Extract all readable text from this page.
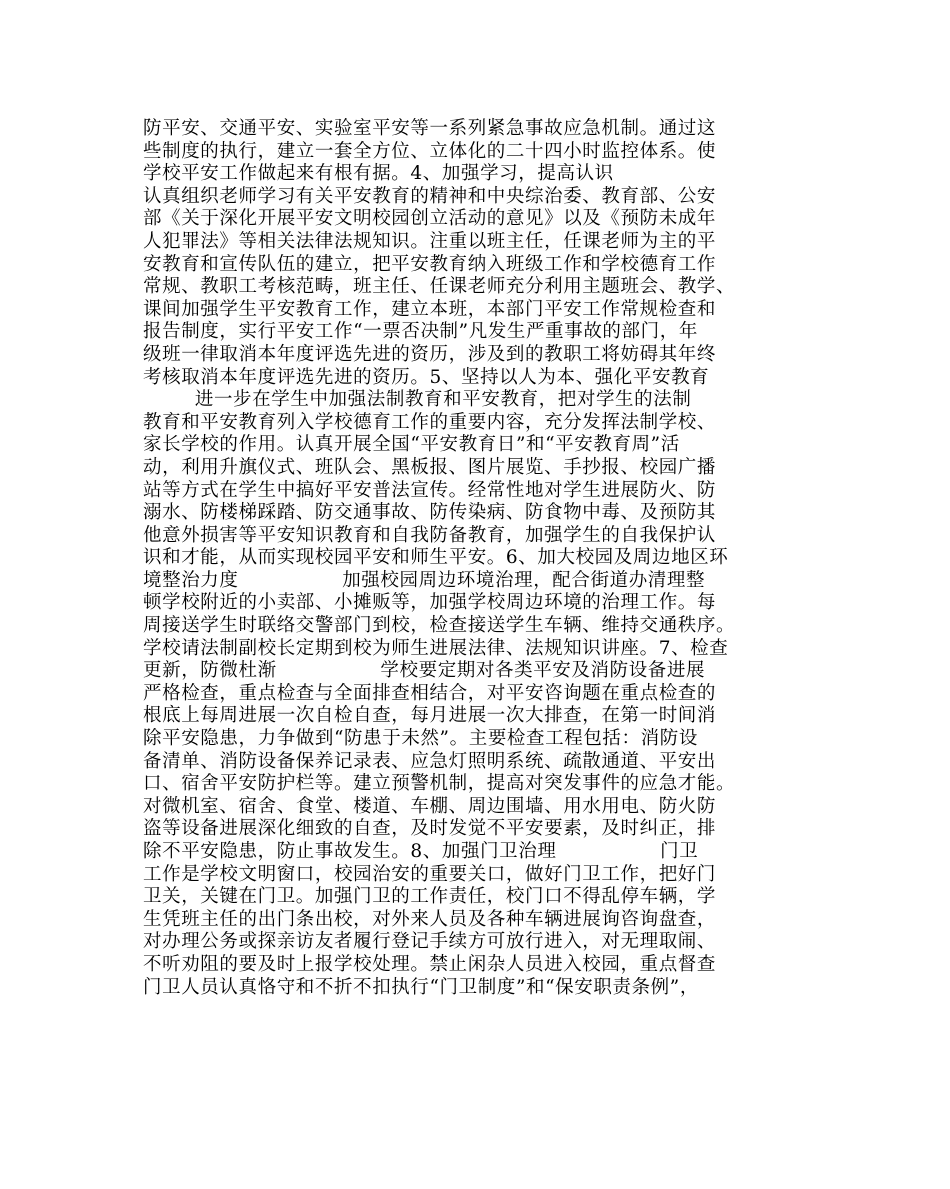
防平安、交通平安、实验室平安等一系列紧急事故应急机制。通过这
些制度的执行，建立一套全方位、立体化的二十四小时监控体系。使
学校平安工作做起来有根有据。4、加强学习，提高认识
认真组织老师学习有关平安教育的精神和中央综治委、教育部、公安
部《关于深化开展平安文明校园创立活动的意见》以及《预防未成年
人犯罪法》等相关法律法规知识。注重以班主任，任课老师为主的平
安教育和宣传队伍的建立，把平安教育纳入班级工作和学校德育工作
常规、教职工考核范畴，班主任、任课老师充分利用主题班会、教学、
课间加强学生平安教育工作，建立本班，本部门平安工作常规检查和
报告制度，实行平安工作“一票否决制”凡发生严重事故的部门，年
级班一律取消本年度评选先进的资历，涉及到的教职工将妨碍其年终
考核取消本年度评选先进的资历。5、坚持以人为本、强化平安教育
进一步在学生中加强法制教育和平安教育，把对学生的法制
教育和平安教育列入学校德育工作的重要内容，充分发挥法制学校、
家长学校的作用。认真开展全国“平安教育日”和“平安教育周”活
动，利用升旗仪式、班队会、黑板报、图片展览、手抄报、校园广播
站等方式在学生中搞好平安普法宣传。经常性地对学生进展防火、防
溺水、防楼梯踩踏、防交通事故、防传染病、防食物中毒、及预防其
他意外损害等平安知识教育和自我防备教育，加强学生的自我保护认
识和才能，从而实现校园平安和师生平安。6、加大校园及周边地区环
境整治力度                加强校园周边环境治理，配合街道办清理整
顿学校附近的小卖部、小摊贩等，加强学校周边环境的治理工作。每
周接送学生时联络交警部门到校，检查接送学生车辆、维持交通秩序。
学校请法制副校长定期到校为师生进展法律、法规知识讲座。7、检查
更新，防微杜渐                学校要定期对各类平安及消防设备进展
严格检查，重点检查与全面排查相结合，对平安咨询题在重点检查的
根底上每周进展一次自检自查，每月进展一次大排查，在第一时间消
除平安隐患，力争做到“防患于未然”。主要检查工程包括：消防设
备清单、消防设备保养记录表、应急灯照明系统、疏散通道、平安出
口、宿舍平安防护栏等。建立预警机制，提高对突发事件的应急才能。
对微机室、宿舍、食堂、楼道、车棚、周边围墙、用水用电、防火防
盗等设备进展深化细致的自查，及时发觉不平安要素，及时纠正，排
除不平安隐患，防止事故发生。8、加强门卫治理                门卫
工作是学校文明窗口，校园治安的重要关口，做好门卫工作，把好门
卫关，关键在门卫。加强门卫的工作责任，校门口不得乱停车辆，学
生凭班主任的出门条出校，对外来人员及各种车辆进展询咨询盘查，
对办理公务或探亲访友者履行登记手续方可放行进入，对无理取闹、
不听劝阻的要及时上报学校处理。禁止闲杂人员进入校园，重点督查
门卫人员认真恪守和不折不扣执行“门卫制度”和“保安职责条例”，
